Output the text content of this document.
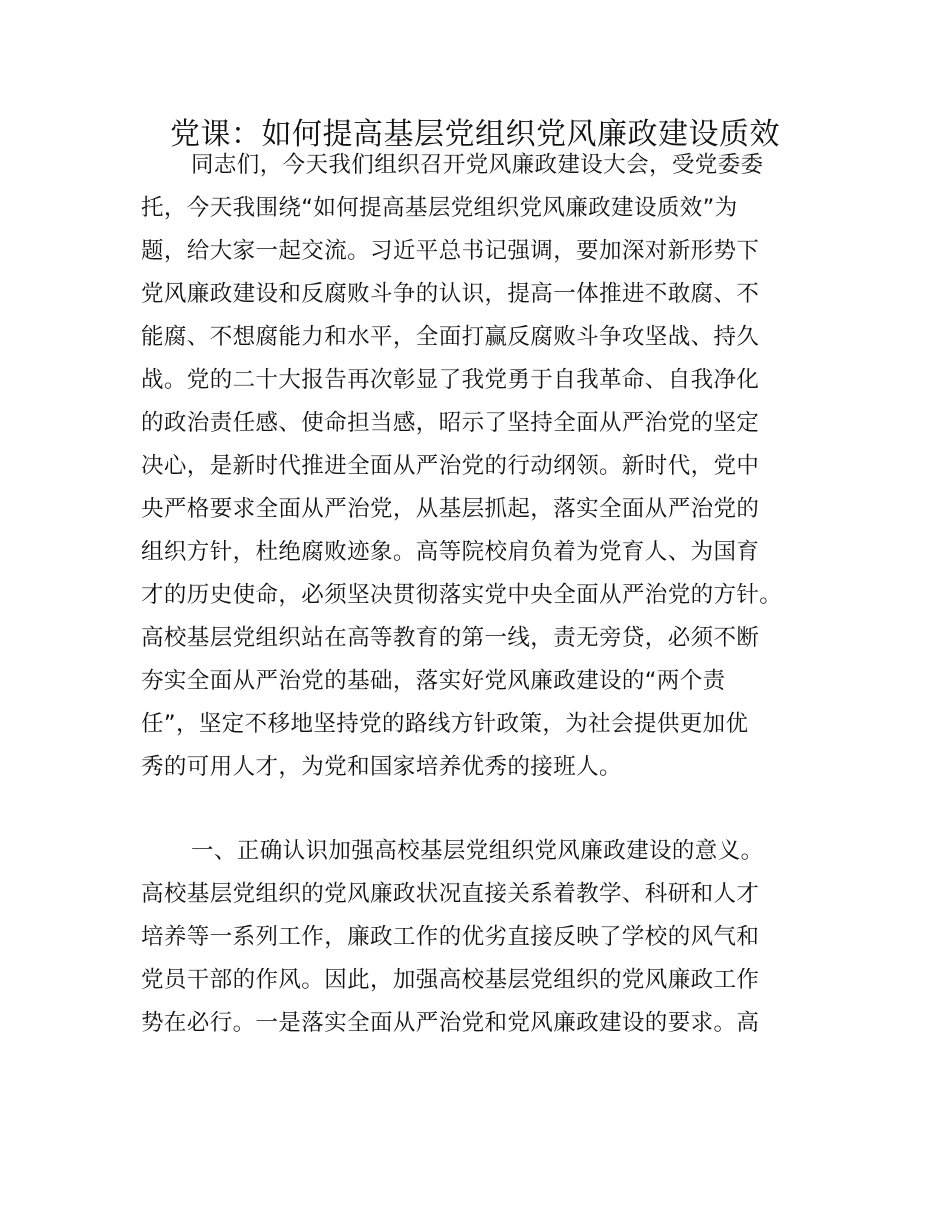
党课：如何提高基层党组织党风廉政建设质效
同志们，今天我们组织召开党风廉政建设大会，受党委委
托，今天我围绕“如何提高基层党组织党风廉政建设质效”为
题，给大家一起交流。习近平总书记强调，要加深对新形势下
党风廉政建设和反腐败斗争的认识，提高一体推进不敢腐、不
能腐、不想腐能力和水平，全面打赢反腐败斗争攻坚战、持久
战。党的二十大报告再次彰显了我党勇于自我革命、自我净化
的政治责任感、使命担当感，昭示了坚持全面从严治党的坚定
决心，是新时代推进全面从严治党的行动纲领。新时代，党中
央严格要求全面从严治党，从基层抓起，落实全面从严治党的
组织方针，杜绝腐败迹象。高等院校肩负着为党育人、为国育
才的历史使命，必须坚决贯彻落实党中央全面从严治党的方针。
高校基层党组织站在高等教育的第一线，责无旁贷，必须不断
夯实全面从严治党的基础，落实好党风廉政建设的“两个责
任”，坚定不移地坚持党的路线方针政策，为社会提供更加优
秀的可用人才，为党和国家培养优秀的接班人。
一、正确认识加强高校基层党组织党风廉政建设的意义。
高校基层党组织的党风廉政状况直接关系着教学、科研和人才
培养等一系列工作，廉政工作的优劣直接反映了学校的风气和
党员干部的作风。因此，加强高校基层党组织的党风廉政工作
势在必行。一是落实全面从严治党和党风廉政建设的要求。高
